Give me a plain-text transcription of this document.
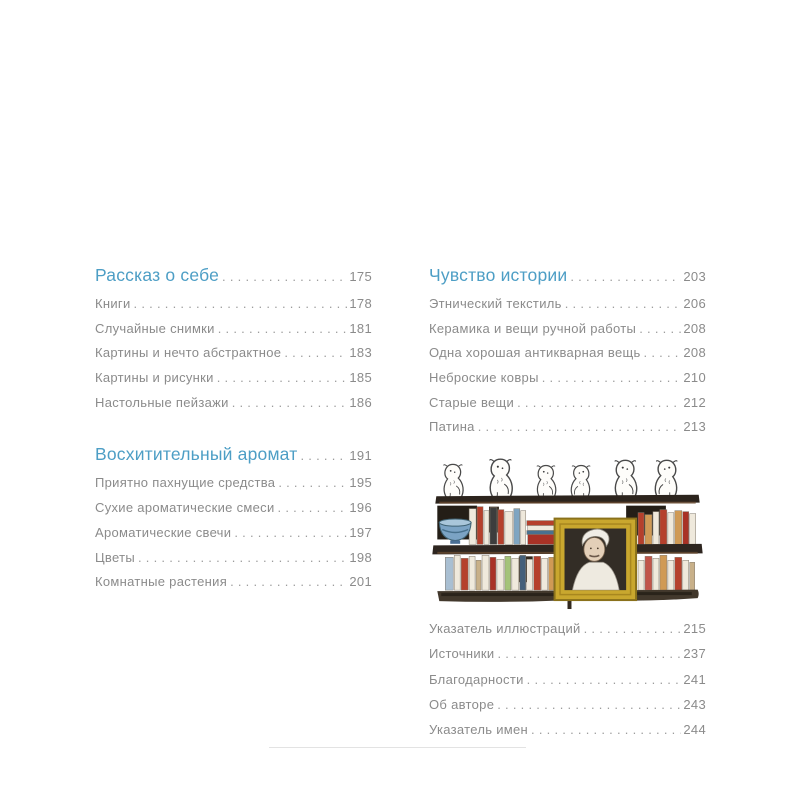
Рассказ о себе .....	175
Книги .....	178
Случайные снимки .....	181
Картины и нечто абстрактное .....	183
Картины и рисунки .....	185
Настольные пейзажи .....	186
Восхитительный аромат .....	191
Приятно пахнущие средства .....	195
Сухие ароматические смеси .....	196
Ароматические свечи .....	197
Цветы .....	198
Комнатные растения .....	201
Чувство истории .....	203
Этнический текстиль .....	206
Керамика и вещи ручной работы .....	208
Одна хорошая антикварная вещь .....	208
Неброские ковры .....	210
Старые вещи .....	212
Патина .....	213
Указатель иллюстраций .....	215
Источники .....	237
Благодарности .....	241
Об авторе .....	243
Указатель имен .....	244
